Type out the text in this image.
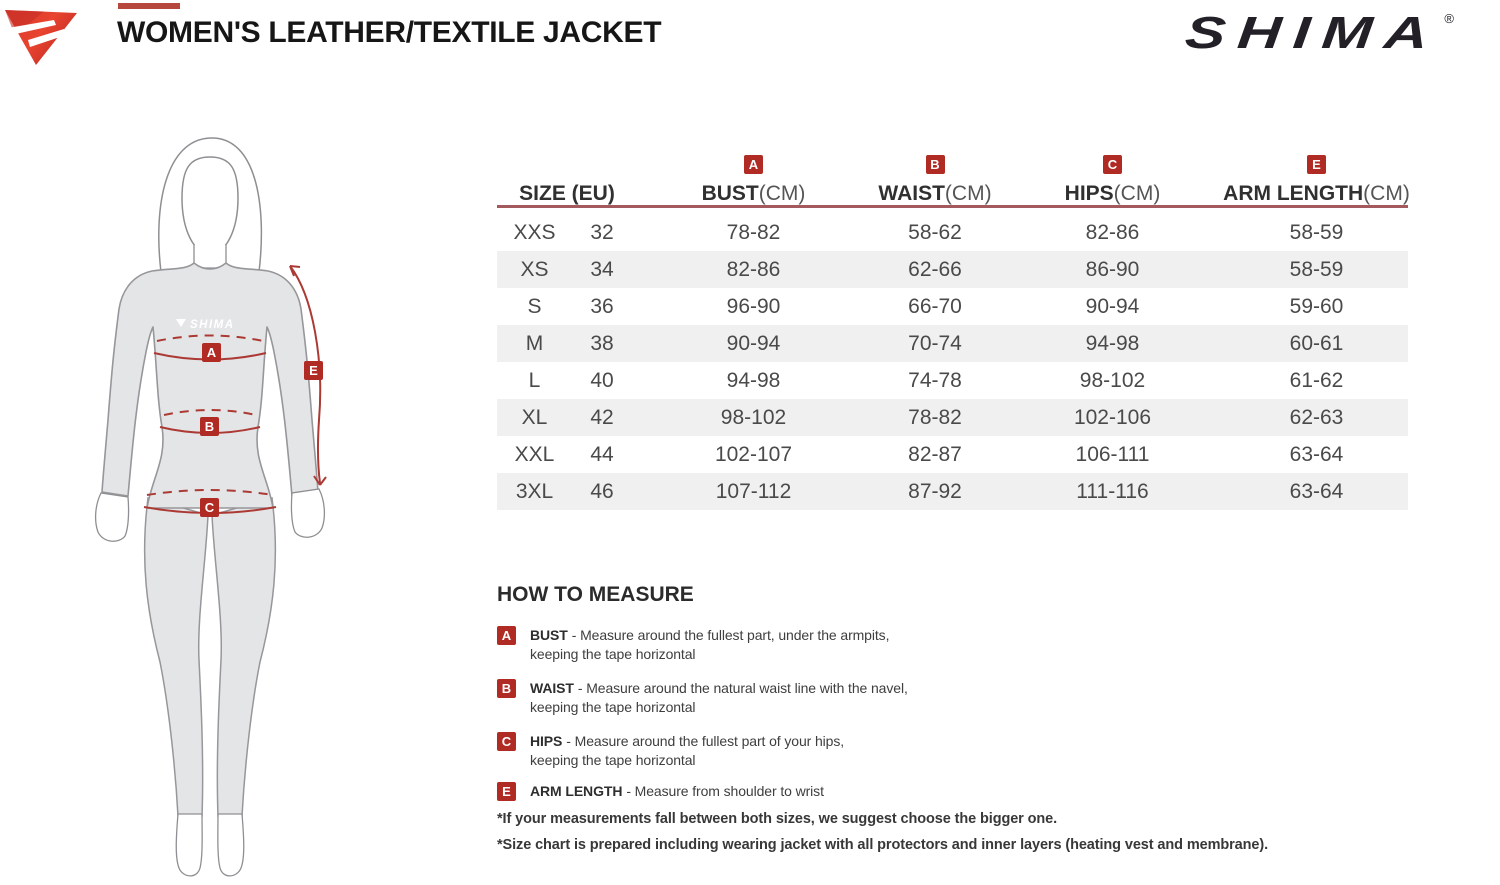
WOMEN'S LEATHER/TEXTILE JACKET	SHIMA ®
SHIMA
A
B
C
E
SIZE (EU)
A
BUST(CM)
B
WAIST(CM)
C
HIPS(CM)
E
ARM LENGTH(CM)
XXS	32	78-82	58-62	82-86	58-59
XS	34	82-86	62-66	86-90	58-59
S	36	96-90	66-70	90-94	59-60
M	38	90-94	70-74	94-98	60-61
L	40	94-98	74-78	98-102	61-62
XL	42	98-102	78-82	102-106	62-63
XXL	44	102-107	82-87	106-111	63-64
3XL	46	107-112	87-92	111-116	63-64
HOW TO MEASURE
A	BUST - Measure around the fullest part, under the armpits,
keeping the tape horizontal
B	WAIST - Measure around the natural waist line with the navel,
keeping the tape horizontal
C	HIPS - Measure around the fullest part of your hips,
keeping the tape horizontal
E	ARM LENGTH - Measure from shoulder to wrist
*If your measurements fall between both sizes, we suggest choose the bigger one.
*Size chart is prepared including wearing jacket with all protectors and inner layers (heating vest and membrane).
